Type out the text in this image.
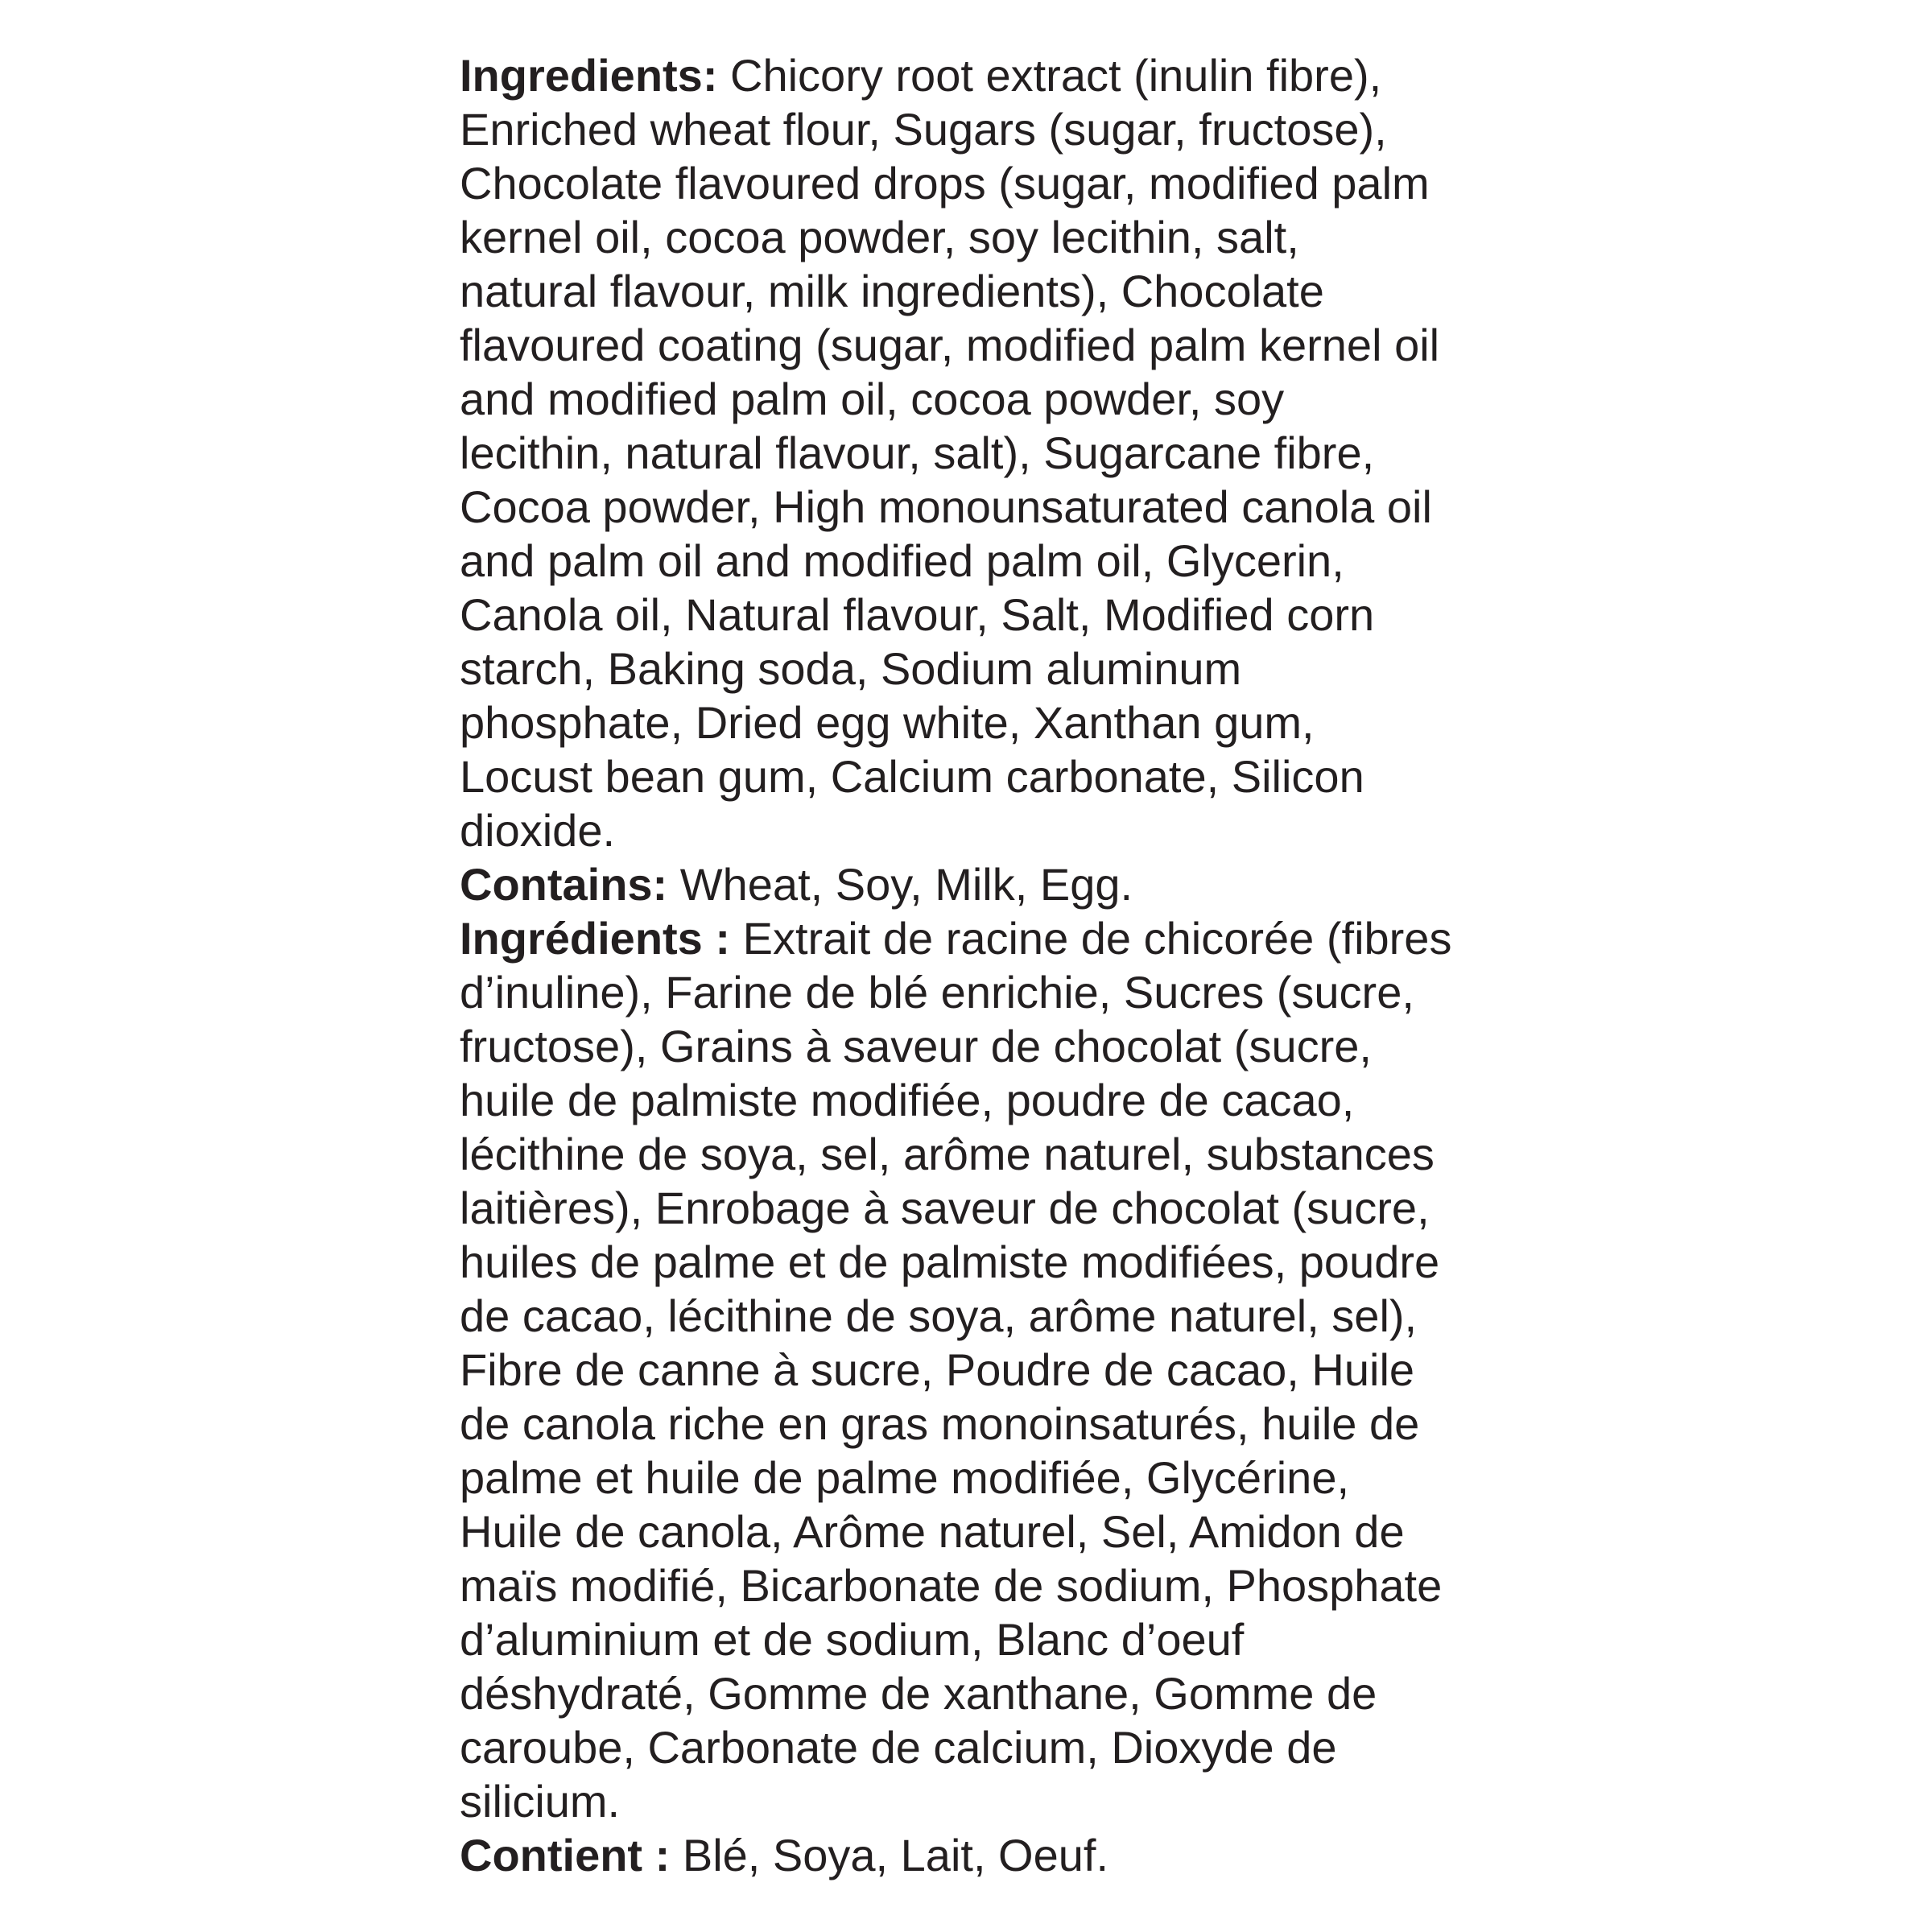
Ingredients: Chicory root extract (inulin fibre),
Enriched wheat flour, Sugars (sugar, fructose),
Chocolate flavoured drops (sugar, modified palm
kernel oil, cocoa powder, soy lecithin, salt,
natural flavour, milk ingredients), Chocolate
flavoured coating (sugar, modified palm kernel oil
and modified palm oil, cocoa powder, soy
lecithin, natural flavour, salt), Sugarcane fibre,
Cocoa powder, High monounsaturated canola oil
and palm oil and modified palm oil, Glycerin,
Canola oil, Natural flavour, Salt, Modified corn
starch, Baking soda, Sodium aluminum
phosphate, Dried egg white, Xanthan gum,
Locust bean gum, Calcium carbonate, Silicon
dioxide.
Contains: Wheat, Soy, Milk, Egg.
Ingrédients : Extrait de racine de chicorée (fibres
d’inuline), Farine de blé enrichie, Sucres (sucre,
fructose), Grains à saveur de chocolat (sucre,
huile de palmiste modifiée, poudre de cacao,
lécithine de soya, sel, arôme naturel, substances
laitières), Enrobage à saveur de chocolat (sucre,
huiles de palme et de palmiste modifiées, poudre
de cacao, lécithine de soya, arôme naturel, sel),
Fibre de canne à sucre, Poudre de cacao, Huile
de canola riche en gras monoinsaturés, huile de
palme et huile de palme modifiée, Glycérine,
Huile de canola, Arôme naturel, Sel, Amidon de
maïs modifié, Bicarbonate de sodium, Phosphate
d’aluminium et de sodium, Blanc d’oeuf
déshydraté, Gomme de xanthane, Gomme de
caroube, Carbonate de calcium, Dioxyde de
silicium.
Contient : Blé, Soya, Lait, Oeuf.
